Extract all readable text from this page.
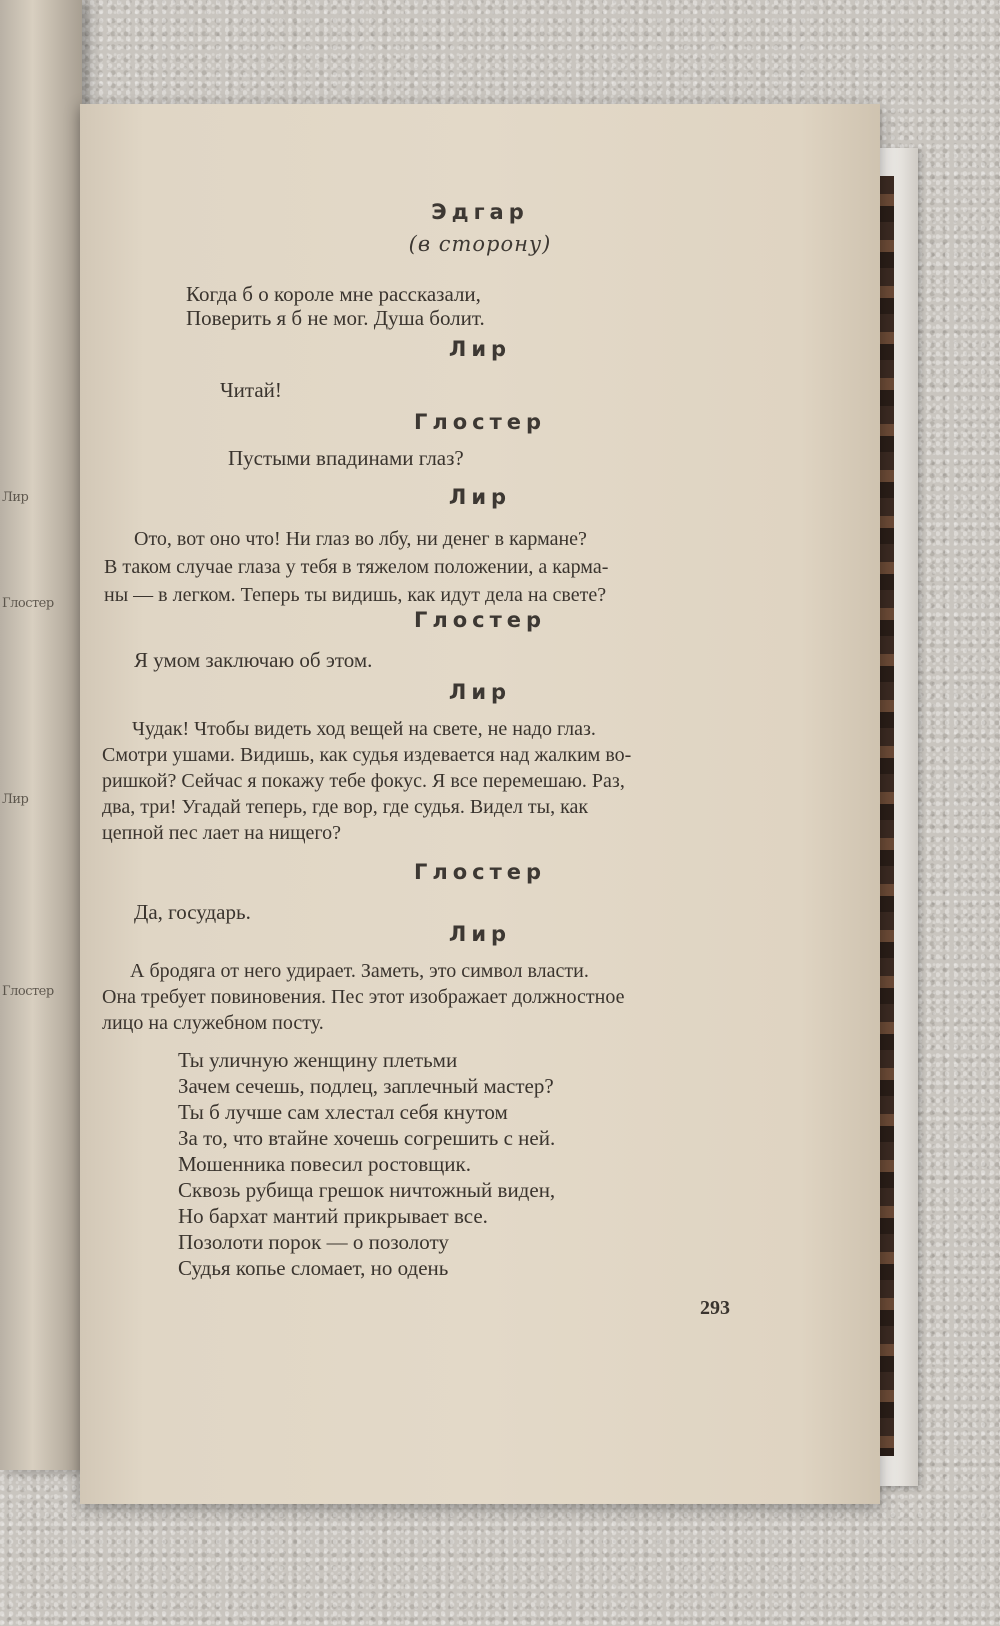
Лир
Глостер
Лир
Глостер
Эдгар
(в сторону)
Когда б о короле мне рассказали,
Поверить я б не мог. Душа болит.
Лир
Читай!
Глостер
Пустыми впадинами глаз?
Лир
Ото, вот оно что! Ни глаз во лбу, ни денег в кармане?
В таком случае глаза у тебя в тяжелом положении, а карма-
ны — в легком. Теперь ты видишь, как идут дела на свете?
Глостер
Я умом заключаю об этом.
Лир
Чудак! Чтобы видеть ход вещей на свете, не надо глаз.
Смотри ушами. Видишь, как судья издевается над жалким во-
ришкой? Сейчас я покажу тебе фокус. Я все перемешаю. Раз,
два, три! Угадай теперь, где вор, где судья. Видел ты, как
цепной пес лает на нищего?
Глостер
Да, государь.
Лир
А бродяга от него удирает. Заметь, это символ власти.
Она требует повиновения. Пес этот изображает должностное
лицо на служебном посту.
Ты уличную женщину плетьми
Зачем сечешь, подлец, заплечный мастер?
Ты б лучше сам хлестал себя кнутом
За то, что втайне хочешь согрешить с ней.
Мошенника повесил ростовщик.
Сквозь рубища грешок ничтожный виден,
Но бархат мантий прикрывает все.
Позолоти порок — о позолоту
Судья копье сломает, но одень
293
